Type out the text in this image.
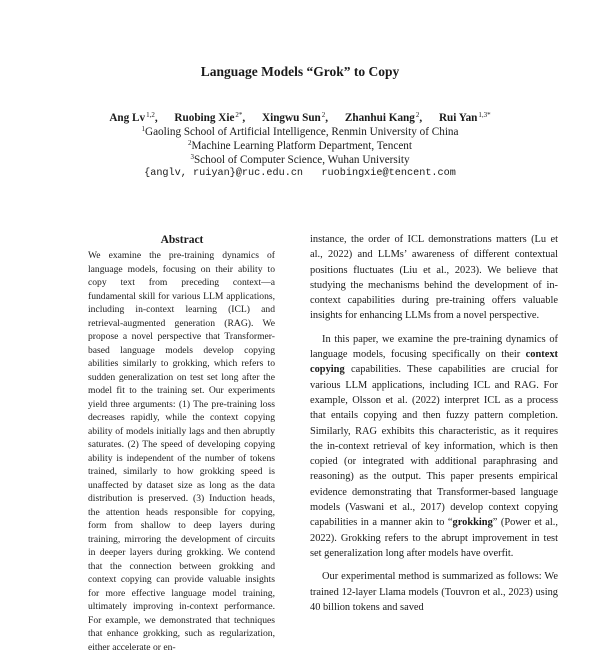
Language Models “Grok” to Copy
Ang Lv$^{1,2}$, Ruobing Xie$^{2*}$, Xingwu Sun$^2$, Zhanhui Kang$^2$, Rui Yan$^{1,3*}$
$^1$Gaoling School of Artificial Intelligence, Renmin University of China
$^2$Machine Learning Platform Department, Tencent
$^3$School of Computer Science, Wuhan University
{anglv, ruiyan}@ruc.edu.cn   ruobingxie@tencent.com
Abstract
We examine the pre-training dynamics of language models, focusing on their ability to copy text from preceding context—a fundamental skill for various LLM applications, including in-context learning (ICL) and retrieval-augmented generation (RAG). We propose a novel perspective that Transformer-based language models develop copying abilities similarly to grokking, which refers to sudden generalization on test set long after the model fit to the training set. Our experiments yield three arguments: (1) The pre-training loss decreases rapidly, while the context copying ability of models initially lags and then abruptly saturates. (2) The speed of developing copying ability is independent of the number of tokens trained, similarly to how grokking speed is unaffected by dataset size as long as the data distribution is preserved. (3) Induction heads, the attention heads responsible for copying, form from shallow to deep layers during training, mirroring the development of circuits in deeper layers during grokking. We contend that the connection between grokking and context copying can provide valuable insights for more effective language model training, ultimately improving in-context performance. For example, we demonstrated that techniques that enhance grokking, such as regularization, either accelerate or en-

instance, the order of ICL demonstrations matters (Lu et al., 2022) and LLMs’ awareness of different contextual positions fluctuates (Liu et al., 2023). We believe that studying the mechanisms behind the development of in-context capabilities during pre-training offers valuable insights for enhancing LLMs from a novel perspective.

In this paper, we examine the pre-training dynamics of language models, focusing specifically on their context copying capabilities. These capabilities are crucial for various LLM applications, including ICL and RAG. For example, Olsson et al. (2022) interpret ICL as a process that entails copying and then fuzzy pattern completion. Similarly, RAG exhibits this characteristic, as it requires the in-context retrieval of key information, which is then copied (or integrated with additional paraphrasing and reasoning) as the output. This paper presents empirical evidence demonstrating that Transformer-based language models (Vaswani et al., 2017) develop context copying capabilities in a manner akin to “grokking” (Power et al., 2022). Grokking refers to the abrupt improvement in test set generalization long after models have overfit.

Our experimental method is summarized as follows: We trained 12-layer Llama models (Touvron et al., 2023) using 40 billion tokens and saved
